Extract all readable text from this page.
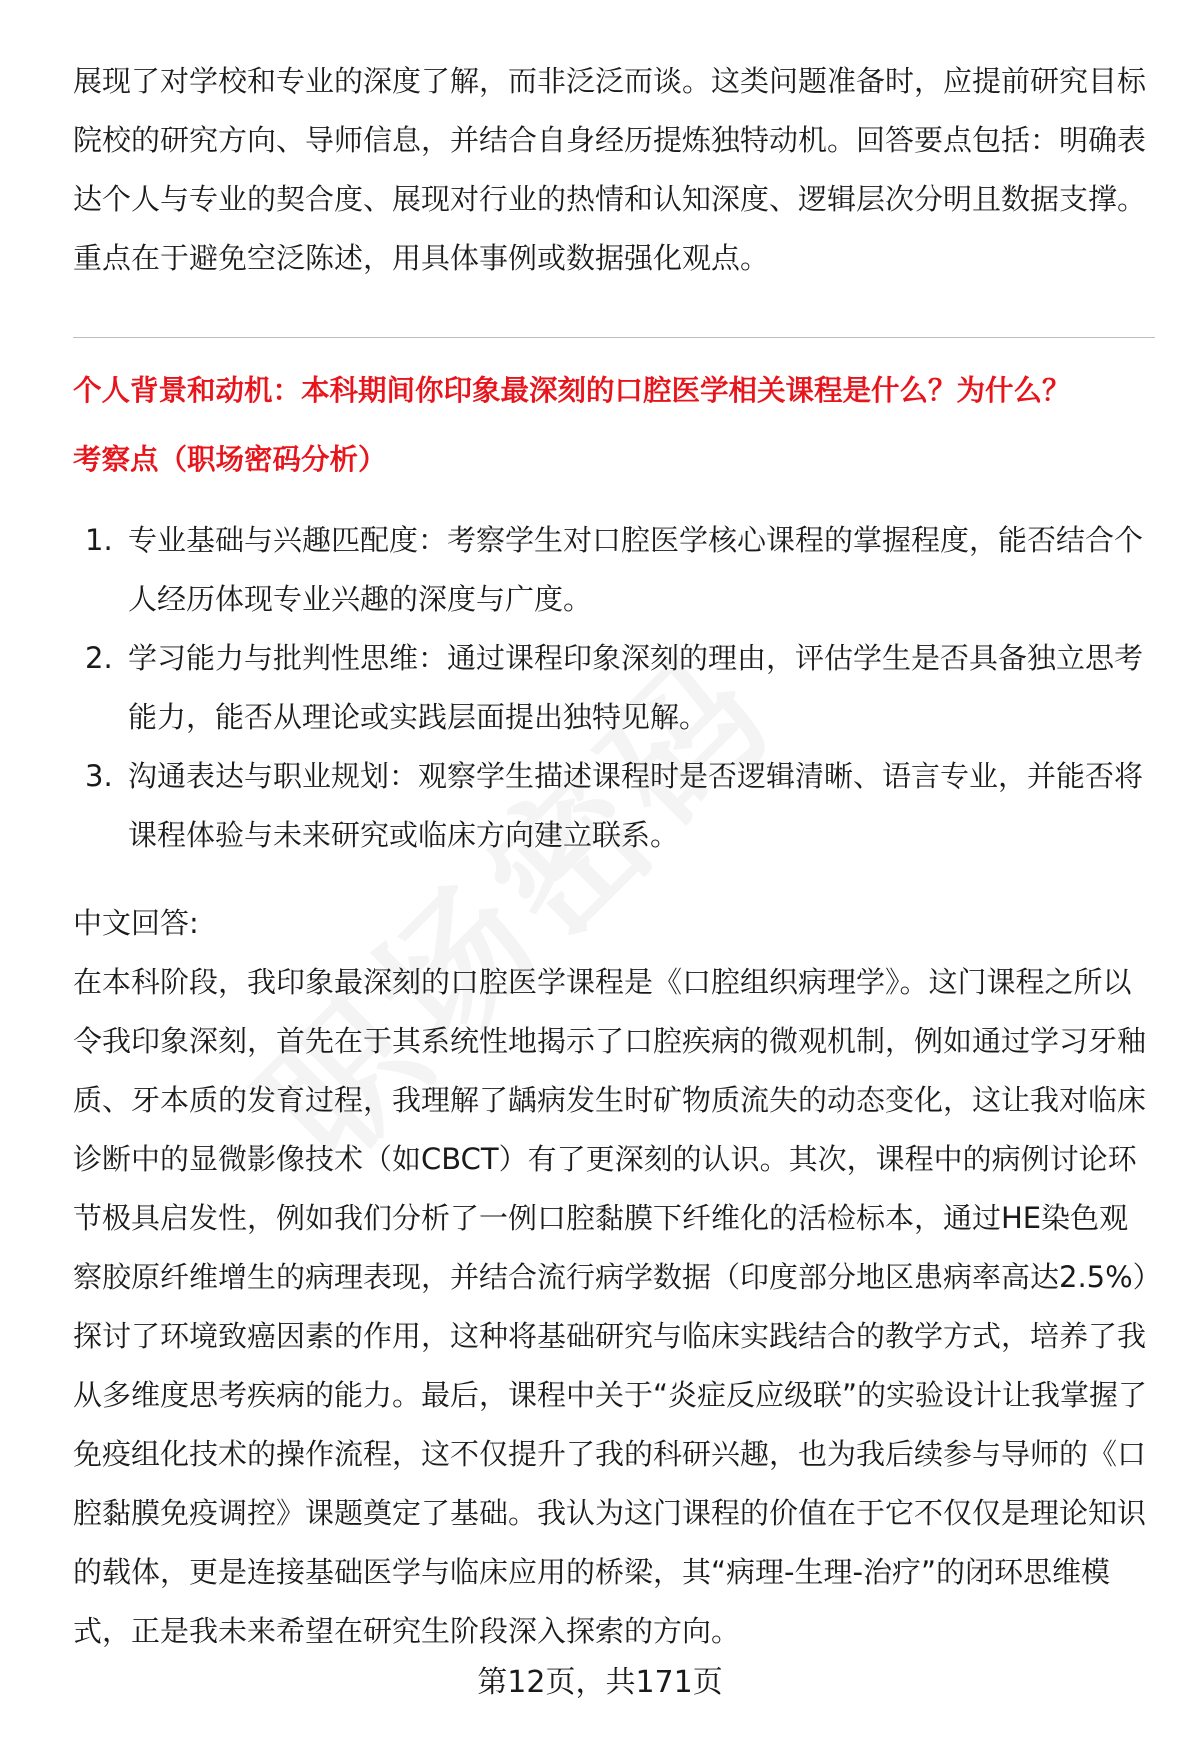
展现了对学校和专业的深度了解，而非泛泛而谈。这类问题准备时，应提前研究目标院校的研究方向、导师信息，并结合自身经历提炼独特动机。回答要点包括：明确表达个人与专业的契合度、展现对行业的热情和认知深度、逻辑层次分明且数据支撑。重点在于避免空泛陈述，用具体事例或数据强化观点。

个人背景和动机：本科期间你印象最深刻的口腔医学相关课程是什么？为什么？

考察点（职场密码分析）

1. 专业基础与兴趣匹配度：考察学生对口腔医学核心课程的掌握程度，能否结合个人经历体现专业兴趣的深度与广度。
2. 学习能力与批判性思维：通过课程印象深刻的理由，评估学生是否具备独立思考能力，能否从理论或实践层面提出独特见解。
3. 沟通表达与职业规划：观察学生描述课程时是否逻辑清晰、语言专业，并能否将课程体验与未来研究或临床方向建立联系。

中文回答:

在本科阶段，我印象最深刻的口腔医学课程是《口腔组织病理学》。这门课程之所以令我印象深刻，首先在于其系统性地揭示了口腔疾病的微观机制，例如通过学习牙釉质、牙本质的发育过程，我理解了龋病发生时矿物质流失的动态变化，这让我对临床诊断中的显微影像技术（如CBCT）有了更深刻的认识。其次，课程中的病例讨论环节极具启发性，例如我们分析了一例口腔黏膜下纤维化的活检标本，通过HE染色观察胶原纤维增生的病理表现，并结合流行病学数据（印度部分地区患病率高达2.5%）探讨了环境致癌因素的作用，这种将基础研究与临床实践结合的教学方式，培养了我从多维度思考疾病的能力。最后，课程中关于“炎症反应级联”的实验设计让我掌握了免疫组化技术的操作流程，这不仅提升了我的科研兴趣，也为我后续参与导师的《口腔黏膜免疫调控》课题奠定了基础。我认为这门课程的价值在于它不仅仅是理论知识的载体，更是连接基础医学与临床应用的桥梁，其“病理-生理-治疗”的闭环思维模式，正是我未来希望在研究生阶段深入探索的方向。

第12页，共171页
